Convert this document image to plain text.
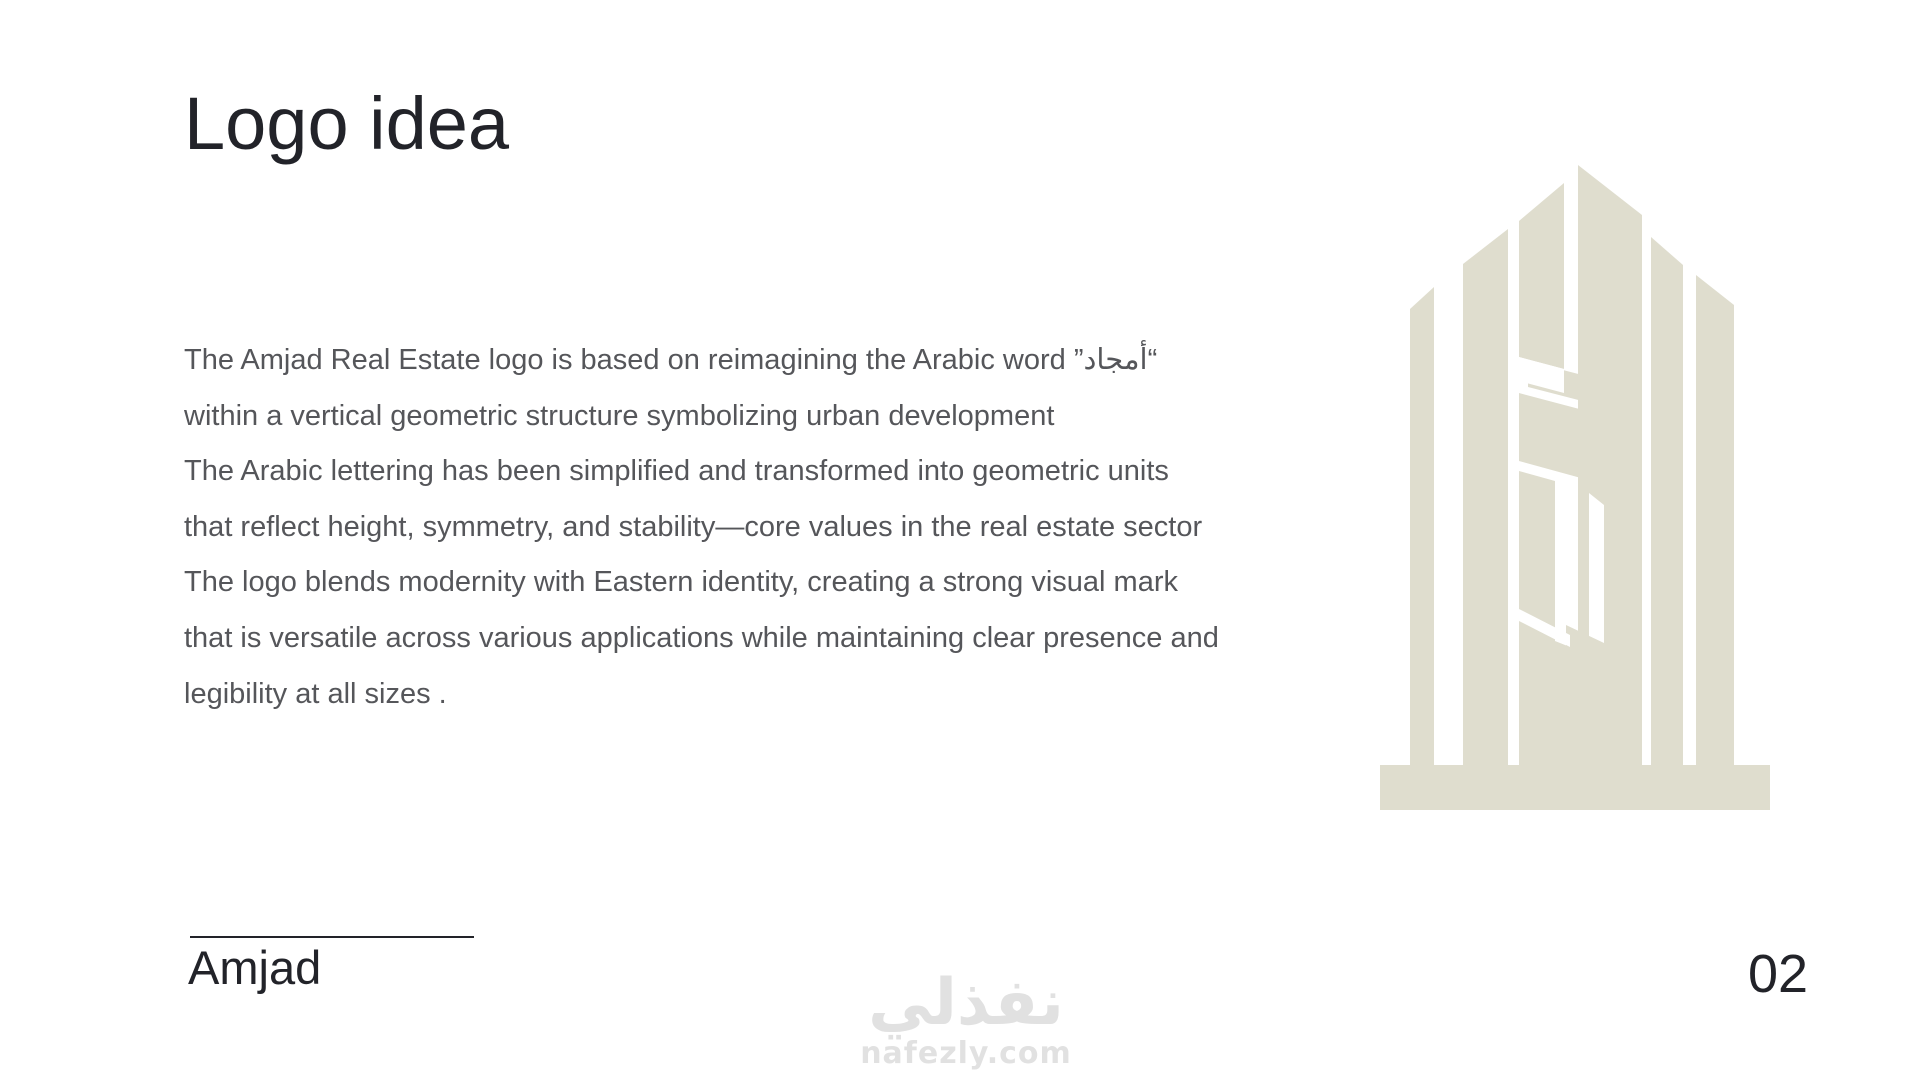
Logo idea
The Amjad Real Estate logo is based on reimagining the Arabic word ”أمجاد“
within a vertical geometric structure symbolizing urban development
The Arabic lettering has been simplified and transformed into geometric units
that reflect height, symmetry, and stability—core values in the real estate sector
The logo blends modernity with Eastern identity, creating a strong visual mark
that is versatile across various applications while maintaining clear presence and
legibility at all sizes .
Amjad	02
نفذلي
nafezly.com
